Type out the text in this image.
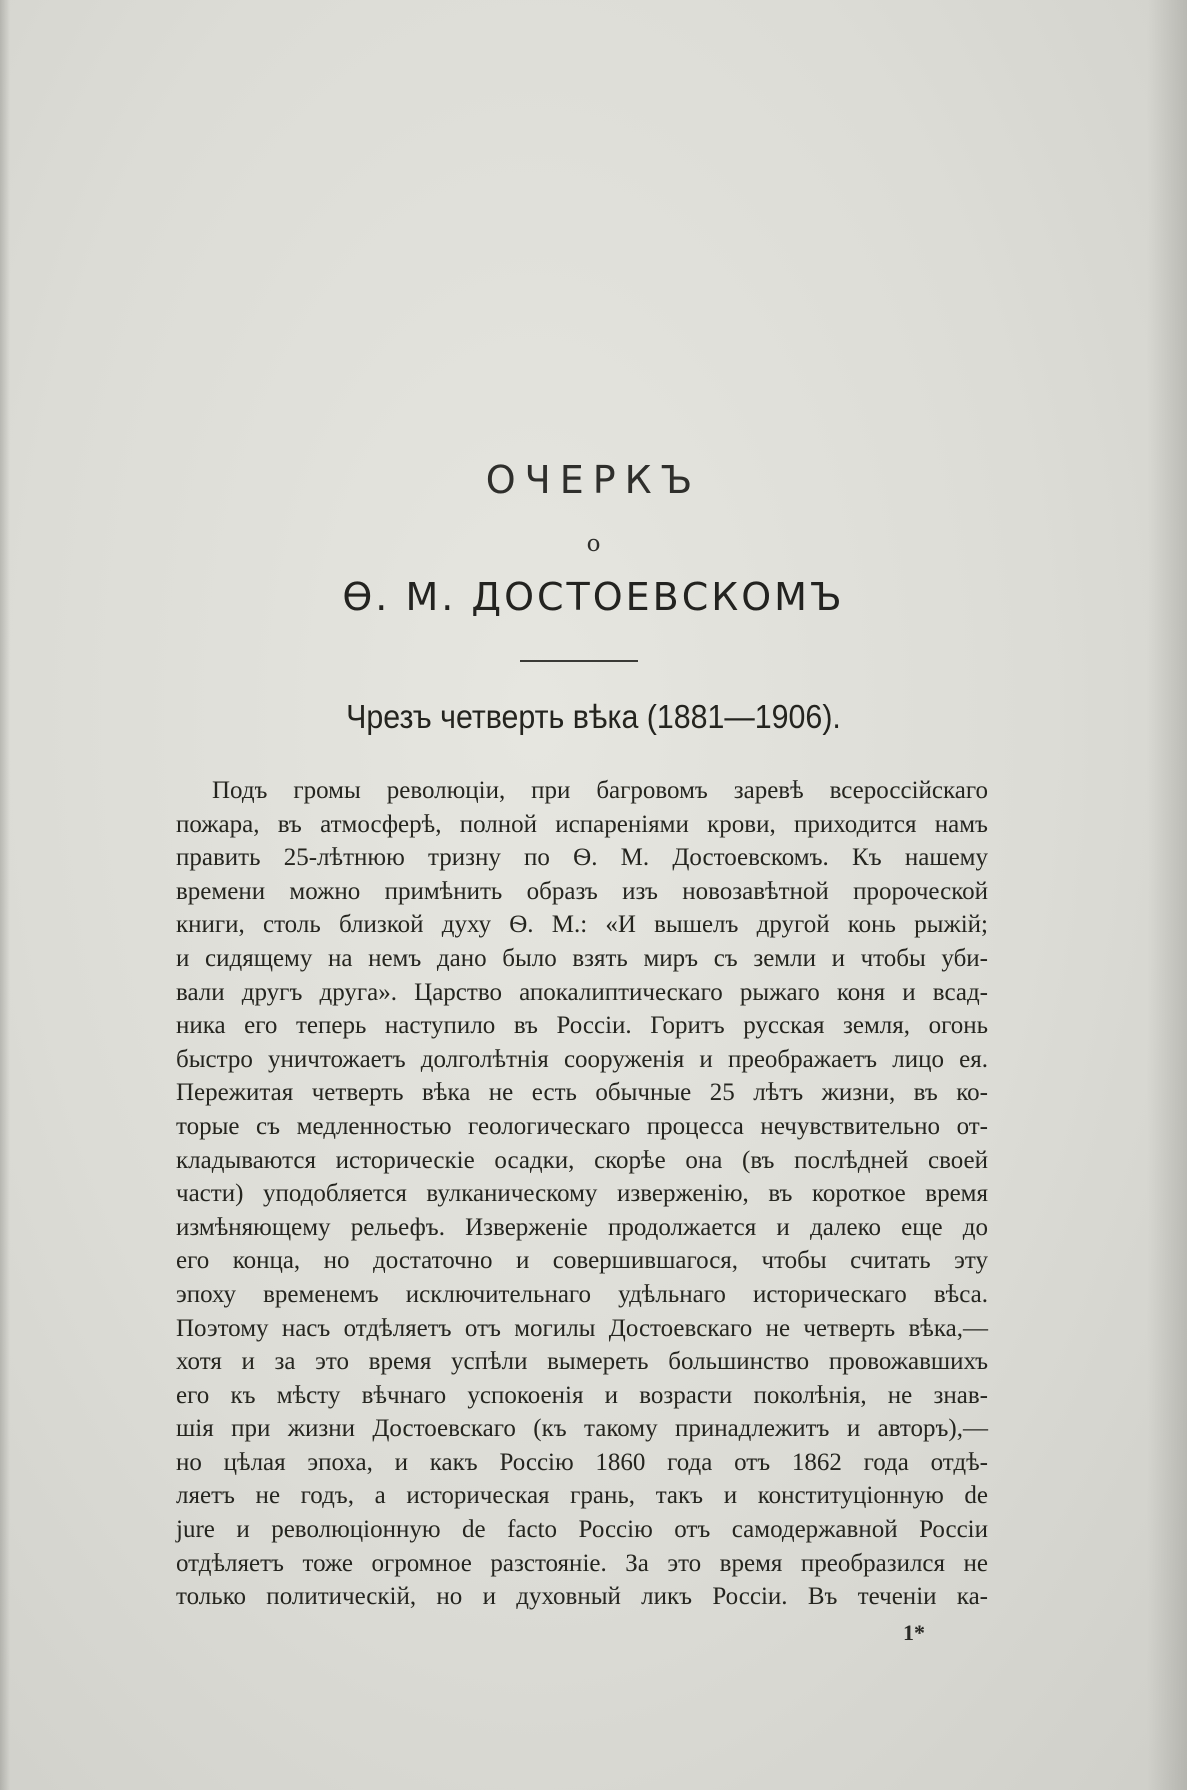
ОЧЕРКЪ
о
Ѳ. М. ДОСТОЕВСКОМЪ
Чрезъ четверть вѣка (1881—1906).
Подъ громы революціи, при багровомъ заревѣ всероссійскаго
пожара, въ атмосферѣ, полной испареніями крови, приходится намъ
править 25-лѣтнюю тризну по Ѳ. М. Достоевскомъ. Къ нашему
времени можно примѣнить образъ изъ новозавѣтной пророческой
книги, столь близкой духу Ѳ. М.: «И вышелъ другой конь рыжій;
и сидящему на немъ дано было взять миръ съ земли и чтобы уби-
вали другъ друга». Царство апокалиптическаго рыжаго коня и всад-
ника его теперь наступило въ Россіи. Горитъ русская земля, огонь
быстро уничтожаетъ долголѣтнія сооруженія и преображаетъ лицо ея.
Пережитая четверть вѣка не есть обычные 25 лѣтъ жизни, въ ко-
торые съ медленностью геологическаго процесса нечувствительно от-
кладываются историческіе осадки, скорѣе она (въ послѣдней своей
части) уподобляется вулканическому изверженію, въ короткое время
измѣняющему рельефъ. Изверженіе продолжается и далеко еще до
его конца, но достаточно и совершившагося, чтобы считать эту
эпоху временемъ исключительнаго удѣльнаго историческаго вѣса.
Поэтому насъ отдѣляетъ отъ могилы Достоевскаго не четверть вѣка,—
хотя и за это время успѣли вымереть большинство провожавшихъ
его къ мѣсту вѣчнаго успокоенія и возрасти поколѣнія, не знав-
шія при жизни Достоевскаго (къ такому принадлежитъ и авторъ),—
но цѣлая эпоха, и какъ Россію 1860 года отъ 1862 года отдѣ-
ляетъ не годъ, а историческая грань, такъ и конституціонную de
jure и революціонную de facto Россію отъ самодержавной Россіи
отдѣляетъ тоже огромное разстояніе. За это время преобразился не
только политическій, но и духовный ликъ Россіи. Въ теченіи ка-
1*
